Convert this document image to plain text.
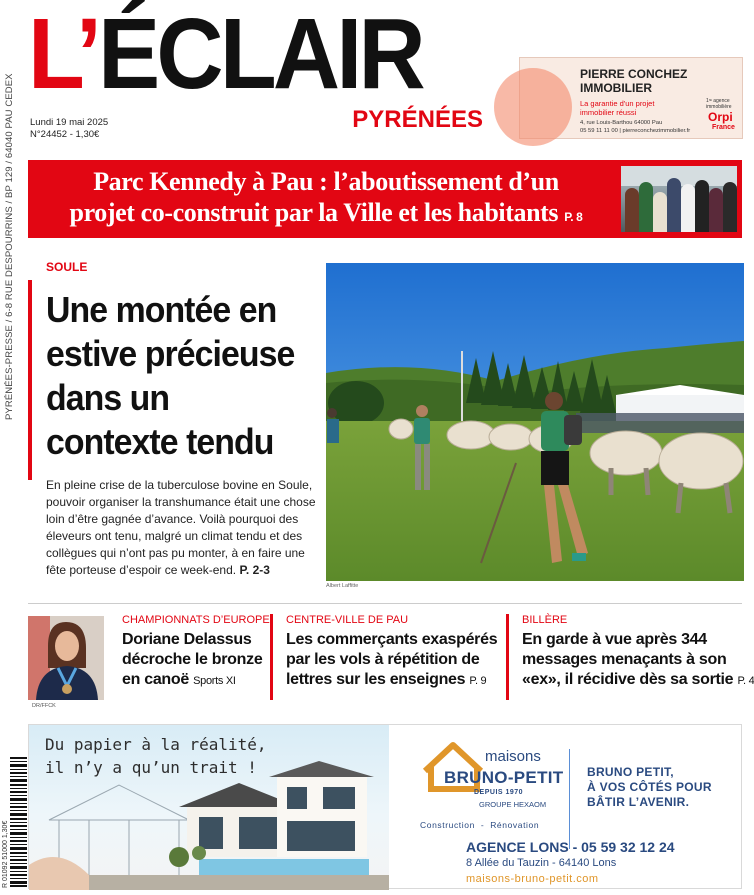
PYRÉNÉES-PRESSE / 6-8 RUE DESPOURRINS / BP 129 / 64040 PAU CEDEX
L’ÉCLAIR
PYRÉNÉES
Lundi 19 mai 2025
N°24452 - 1,30€
PIERRE CONCHEZ
IMMOBILIER
La garantie d'un projet immobilier réussi
4, rue Louis-Barthou 64000 Pau
05 59 11 11 00 | pierreconchezimmobilier.fr
1ʳᵉ agence immobilière
Orpi
France
Parc Kennedy à Pau : l’aboutissement d’un
projet co-construit par la Ville et les habitants P. 8
SOULE
Une montée en
estive précieuse
dans un
contexte tendu
En pleine crise de la tuberculose bovine en Soule, pouvoir organiser la transhumance était une chose loin d’être gagnée d’avance. Voilà pourquoi des éleveurs ont tenu, malgré un climat tendu et des collègues qui n’ont pas pu monter, à en faire une fête porteuse d’espoir ce week-end. P. 2-3
Albert Laffitte
DR/FFCK
CHAMPIONNATS D’EUROPE
Doriane Delassus
décroche le bronze
en canoë Sports XI
CENTRE-VILLE DE PAU
Les commerçants exaspérés
par les vols à répétition de
lettres sur les enseignes P. 9
BILLÈRE
En garde à vue après 344
messages menaçants à son
«ex», il récidive dès sa sortie P. 4
Du papier à la réalité,
il n’y a qu’un trait !
maisons
BRUNO-PETIT
DEPUIS 1970
GROUPE HEXAOM
BRUNO PETIT,
À VOS CÔTÉS POUR
BÂTIR L’AVENIR.
Construction  -  Rénovation
AGENCE LONS - 05 59 32 12 24
8 Allée du Tauzin - 64140 Lons
maisons-bruno-petit.com
R 01092 51000 1,30€
